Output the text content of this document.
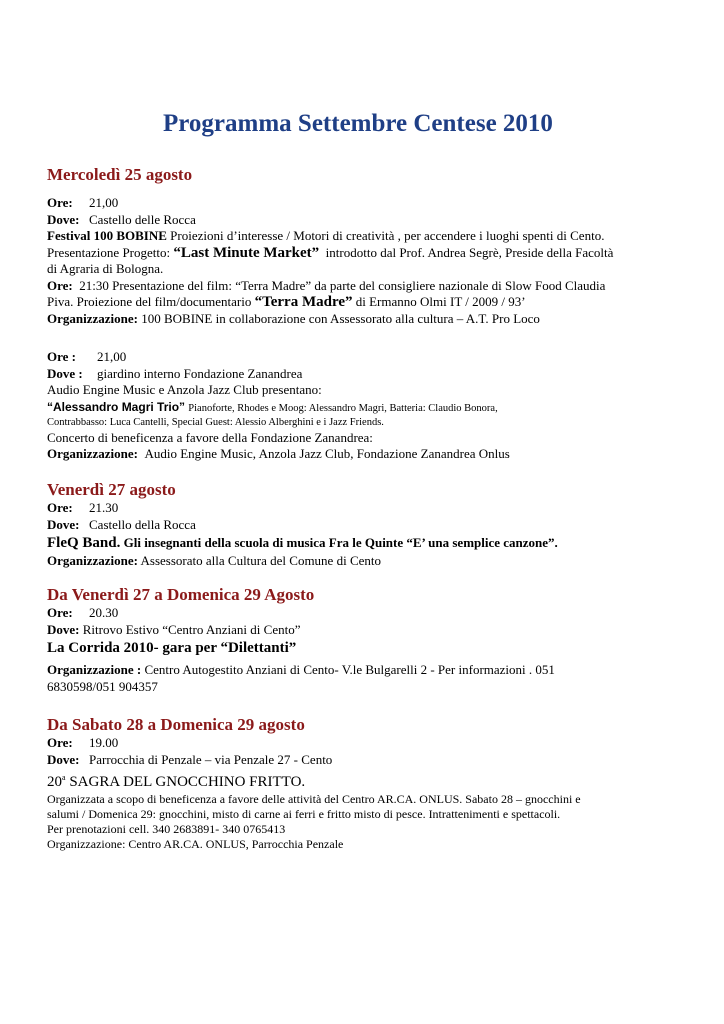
Programma Settembre Centese 2010
Mercoledì 25 agosto
Ore: 21,00
Dove: Castello delle Rocca
Festival 100 BOBINE Proiezioni d’interesse / Motori di creatività , per accendere i luoghi spenti di Cento.
Presentazione Progetto: “Last Minute Market” introdotto dal Prof. Andrea Segrè, Preside della Facoltà
di Agraria di Bologna.
Ore: 21:30 Presentazione del film: “Terra Madre” da parte del consigliere nazionale di Slow Food Claudia
Piva. Proiezione del film/documentario “Terra Madre” di Ermanno Olmi IT / 2009 / 93’
Organizzazione: 100 BOBINE in collaborazione con Assessorato alla cultura – A.T. Pro Loco
Ore : 21,00
Dove : giardino interno Fondazione Zanandrea
Audio Engine Music e Anzola Jazz Club presentano:
“Alessandro Magri Trio” Pianoforte, Rhodes e Moog: Alessandro Magri, Batteria: Claudio Bonora,
Contrabbasso: Luca Cantelli, Special Guest: Alessio Alberghini e i Jazz Friends.
Concerto di beneficenza a favore della Fondazione Zanandrea:
Organizzazione: Audio Engine Music, Anzola Jazz Club, Fondazione Zanandrea Onlus
Venerdì 27 agosto
Ore: 21.30
Dove: Castello della Rocca
FleQ Band. Gli insegnanti della scuola di musica Fra le Quinte “E’ una semplice canzone”.
Organizzazione: Assessorato alla Cultura del Comune di Cento
Da Venerdì 27 a Domenica 29 Agosto
Ore: 20.30
Dove: Ritrovo Estivo “Centro Anziani di Cento”
La Corrida 2010- gara per “Dilettanti”
Organizzazione : Centro Autogestito Anziani di Cento- V.le Bulgarelli 2 - Per informazioni . 051
6830598/051 904357
Da Sabato 28 a Domenica 29 agosto
Ore: 19.00
Dove: Parrocchia di Penzale – via Penzale 27 - Cento
20$^a$ SAGRA DEL GNOCCHINO FRITTO.
Organizzata a scopo di beneficenza a favore delle attività del Centro AR.CA. ONLUS. Sabato 28 – gnocchini e
salumi / Domenica 29: gnocchini, misto di carne ai ferri e fritto misto di pesce. Intrattenimenti e spettacoli.
Per prenotazioni cell. 340 2683891- 340 0765413
Organizzazione: Centro AR.CA. ONLUS, Parrocchia Penzale
